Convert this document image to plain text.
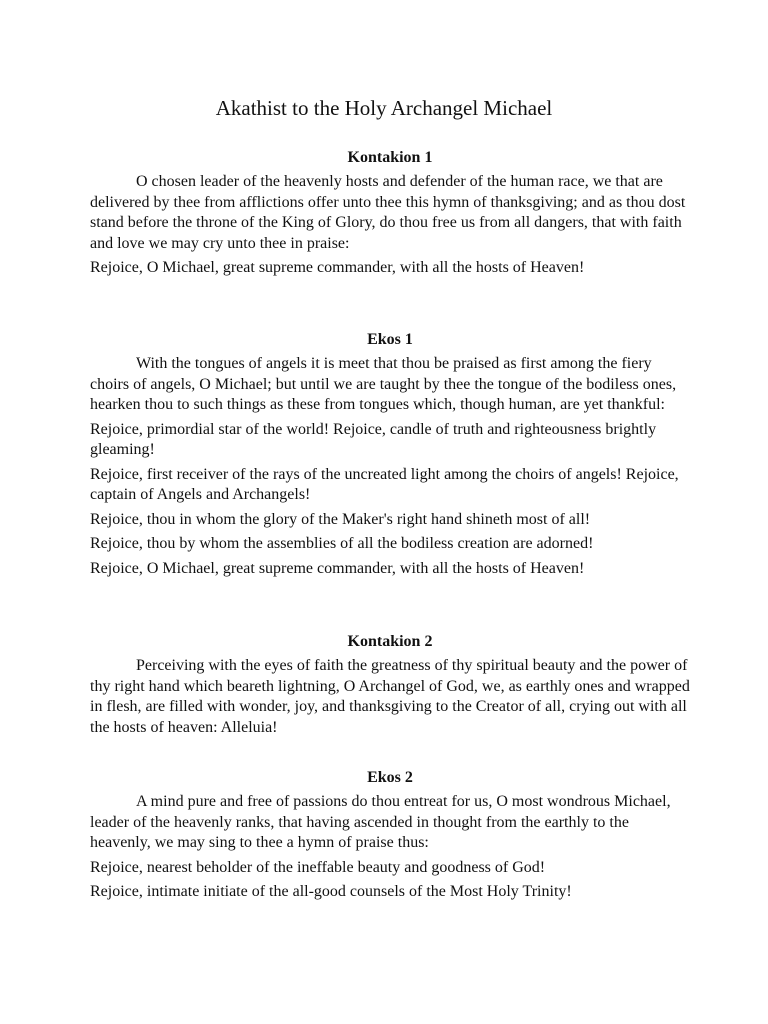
Akathist to the Holy Archangel Michael
Kontakion 1
O chosen leader of the heavenly hosts and defender of the human race, we that are delivered by thee from afflictions offer unto thee this hymn of thanksgiving; and as thou dost stand before the throne of the King of Glory, do thou free us from all dangers, that with faith and love we may cry unto thee in praise:
Rejoice, O Michael, great supreme commander, with all the hosts of Heaven!
Ekos 1
With the tongues of angels it is meet that thou be praised as first among the fiery choirs of angels, O Michael; but until we are taught by thee the tongue of the bodiless ones, hearken thou to such things as these from tongues which, though human, are yet thankful:
Rejoice, primordial star of the world! Rejoice, candle of truth and righteousness brightly gleaming!
Rejoice, first receiver of the rays of the uncreated light among the choirs of angels! Rejoice, captain of Angels and Archangels!
Rejoice, thou in whom the glory of the Maker's right hand shineth most of all!
Rejoice, thou by whom the assemblies of all the bodiless creation are adorned!
Rejoice, O Michael, great supreme commander, with all the hosts of Heaven!
Kontakion 2
Perceiving with the eyes of faith the greatness of thy spiritual beauty and the power of thy right hand which beareth lightning, O Archangel of God, we, as earthly ones and wrapped in flesh, are filled with wonder, joy, and thanksgiving to the Creator of all, crying out with all the hosts of heaven: Alleluia!
Ekos 2
A mind pure and free of passions do thou entreat for us, O most wondrous Michael, leader of the heavenly ranks, that having ascended in thought from the earthly to the heavenly, we may sing to thee a hymn of praise thus:
Rejoice, nearest beholder of the ineffable beauty and goodness of God!
Rejoice, intimate initiate of the all-good counsels of the Most Holy Trinity!
